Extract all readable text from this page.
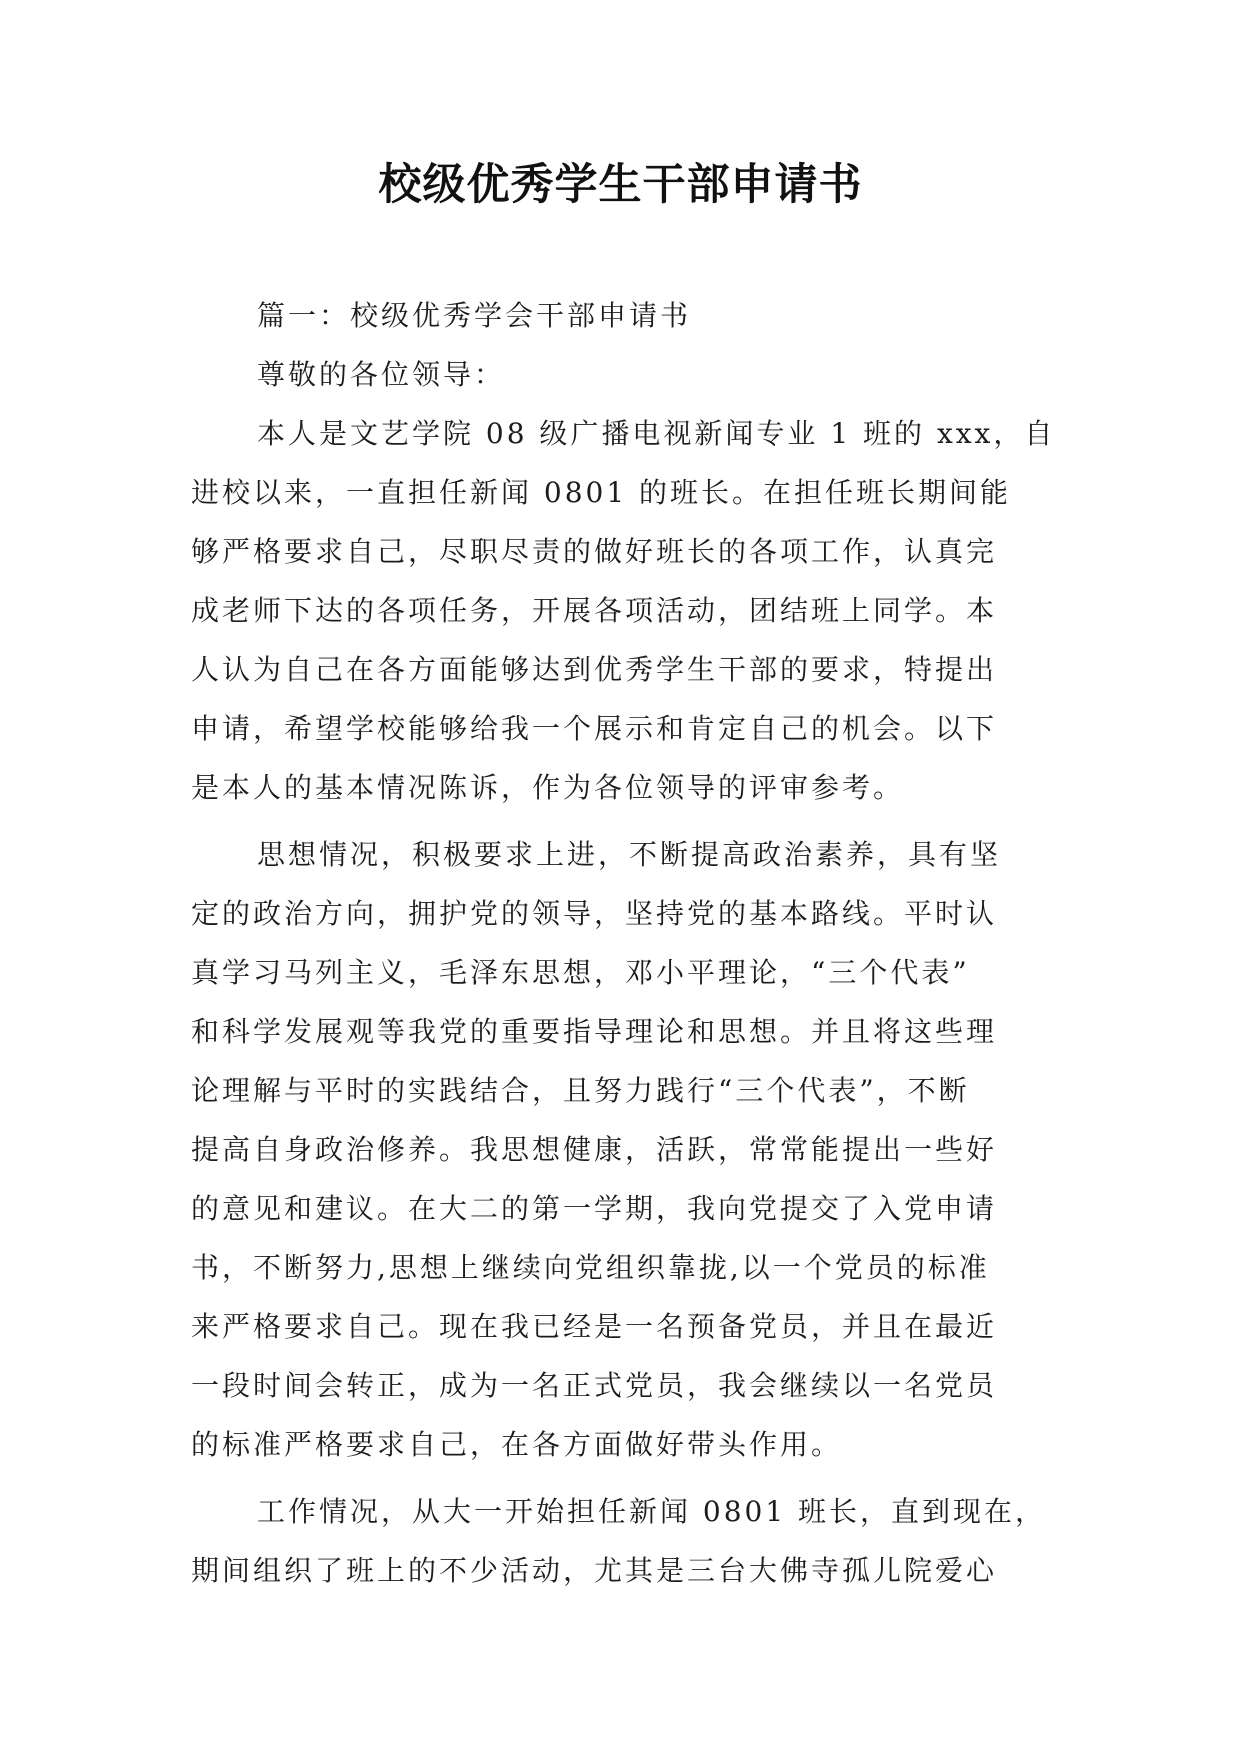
校级优秀学生干部申请书
篇一：校级优秀学会干部申请书
尊敬的各位领导：
本人是文艺学院 08 级广播电视新闻专业 1 班的 xxx，自
进校以来，一直担任新闻 0801 的班长。在担任班长期间能
够严格要求自己，尽职尽责的做好班长的各项工作，认真完
成老师下达的各项任务，开展各项活动，团结班上同学。本
人认为自己在各方面能够达到优秀学生干部的要求，特提出
申请，希望学校能够给我一个展示和肯定自己的机会。以下
是本人的基本情况陈诉，作为各位领导的评审参考。
思想情况，积极要求上进，不断提高政治素养，具有坚
定的政治方向，拥护党的领导，坚持党的基本路线。平时认
真学习马列主义，毛泽东思想，邓小平理论，“三个代表”
和科学发展观等我党的重要指导理论和思想。并且将这些理
论理解与平时的实践结合，且努力践行“三个代表”，不断
提高自身政治修养。我思想健康，活跃，常常能提出一些好
的意见和建议。在大二的第一学期，我向党提交了入党申请
书，不断努力,思想上继续向党组织靠拢,以一个党员的标准
来严格要求自己。现在我已经是一名预备党员，并且在最近
一段时间会转正，成为一名正式党员，我会继续以一名党员
的标准严格要求自己，在各方面做好带头作用。
工作情况，从大一开始担任新闻 0801 班长，直到现在，
期间组织了班上的不少活动，尤其是三台大佛寺孤儿院爱心
